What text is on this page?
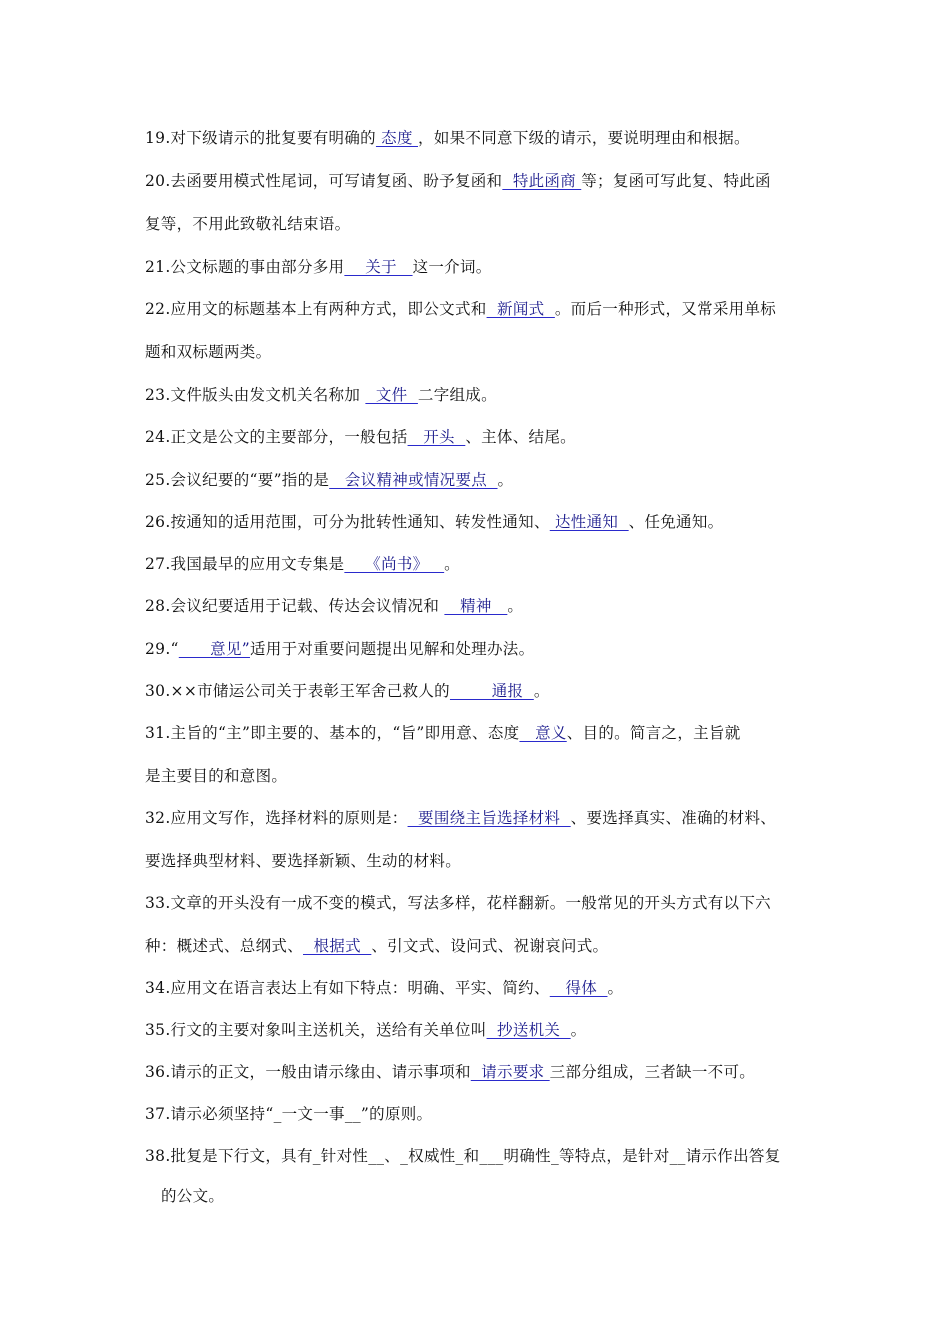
19.对下级请示的批复要有明确的 态度 ，如果不同意下级的请示，要说明理由和根据。
20.去函要用模式性尾词，可写请复函、盼予复函和  特此函商 等；复函可写此复、特此函
复等，不用此致敬礼结束语。
21.公文标题的事由部分多用    关于   这一介词。
22.应用文的标题基本上有两种方式，即公文式和  新闻式  。而后一种形式，又常采用单标
题和双标题两类。
23.文件版头由发文机关名称加   文件  二字组成。
24.正文是公文的主要部分，一般包括   开头  、主体、结尾。
25.会议纪要的“要”指的是   会议精神或情况要点  。
26.按通知的适用范围，可分为批转性通知、转发性通知、 达性通知  、任免通知。
27.我国最早的应用文专集是    《尚书》   。
28.会议纪要适用于记载、传达会议情况和    精神   。
29.“      意见”适用于对重要问题提出见解和处理办法。
30.××市储运公司关于表彰王军舍己救人的        通报  。
31.主旨的“主”即主要的、基本的，“旨”即用意、态度   意义、目的。简言之，主旨就
是主要目的和意图。
32.应用文写作，选择材料的原则是：  要围绕主旨选择材料  、要选择真实、准确的材料、
要选择典型材料、要选择新颖、生动的材料。
33.文章的开头没有一成不变的模式，写法多样，花样翻新。一般常见的开头方式有以下六
种：概述式、总纲式、  根据式  、引文式、设问式、祝谢哀问式。
34.应用文在语言表达上有如下特点：明确、平实、简约、   得体  。
35.行文的主要对象叫主送机关，送给有关单位叫  抄送机关  。
36.请示的正文，一般由请示缘由、请示事项和  请示要求 三部分组成，三者缺一不可。
37.请示必须坚持“_一文一事__”的原则。
38.批复是下行文，具有_针对性__、_权威性_和___明确性_等特点，是针对__请示作出答复
的公文。
